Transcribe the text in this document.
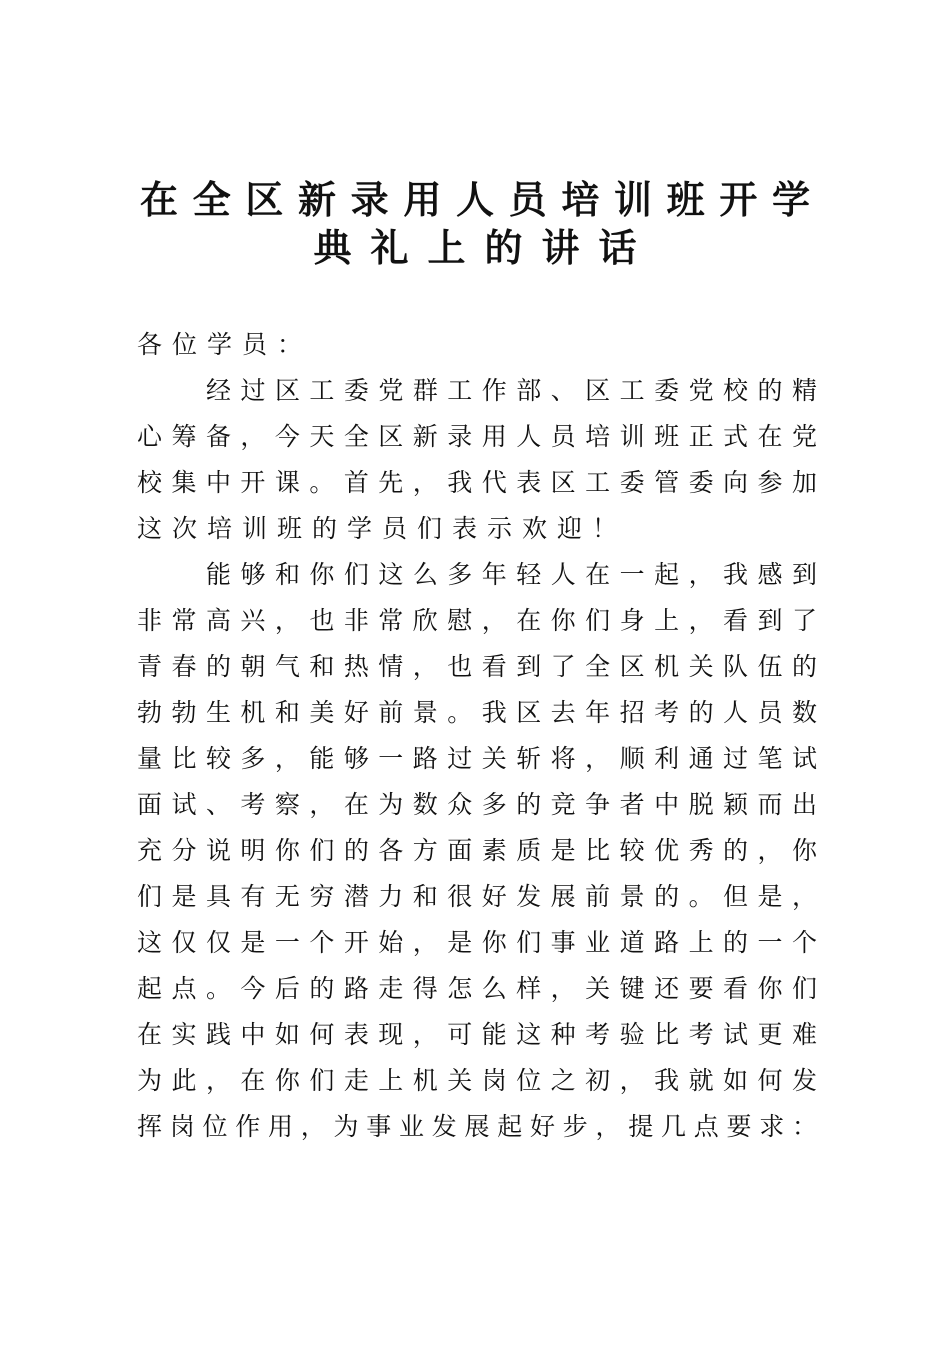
在全区新录用人员培训班开学
典礼上的讲话
各位学员：
经过区工委党群工作部、区工委党校的精
心筹备，今天全区新录用人员培训班正式在党
校集中开课。首先，我代表区工委管委向参加
这次培训班的学员们表示欢迎！
能够和你们这么多年轻人在一起，我感到
非常高兴，也非常欣慰，在你们身上，看到了
青春的朝气和热情，也看到了全区机关队伍的
勃勃生机和美好前景。我区去年招考的人员数
量比较多，能够一路过关斩将，顺利通过笔试
面试、考察，在为数众多的竞争者中脱颖而出
充分说明你们的各方面素质是比较优秀的，你
们是具有无穷潜力和很好发展前景的。但是，
这仅仅是一个开始，是你们事业道路上的一个
起点。今后的路走得怎么样，关键还要看你们
在实践中如何表现，可能这种考验比考试更难
为此，在你们走上机关岗位之初，我就如何发
挥岗位作用，为事业发展起好步，提几点要求：
